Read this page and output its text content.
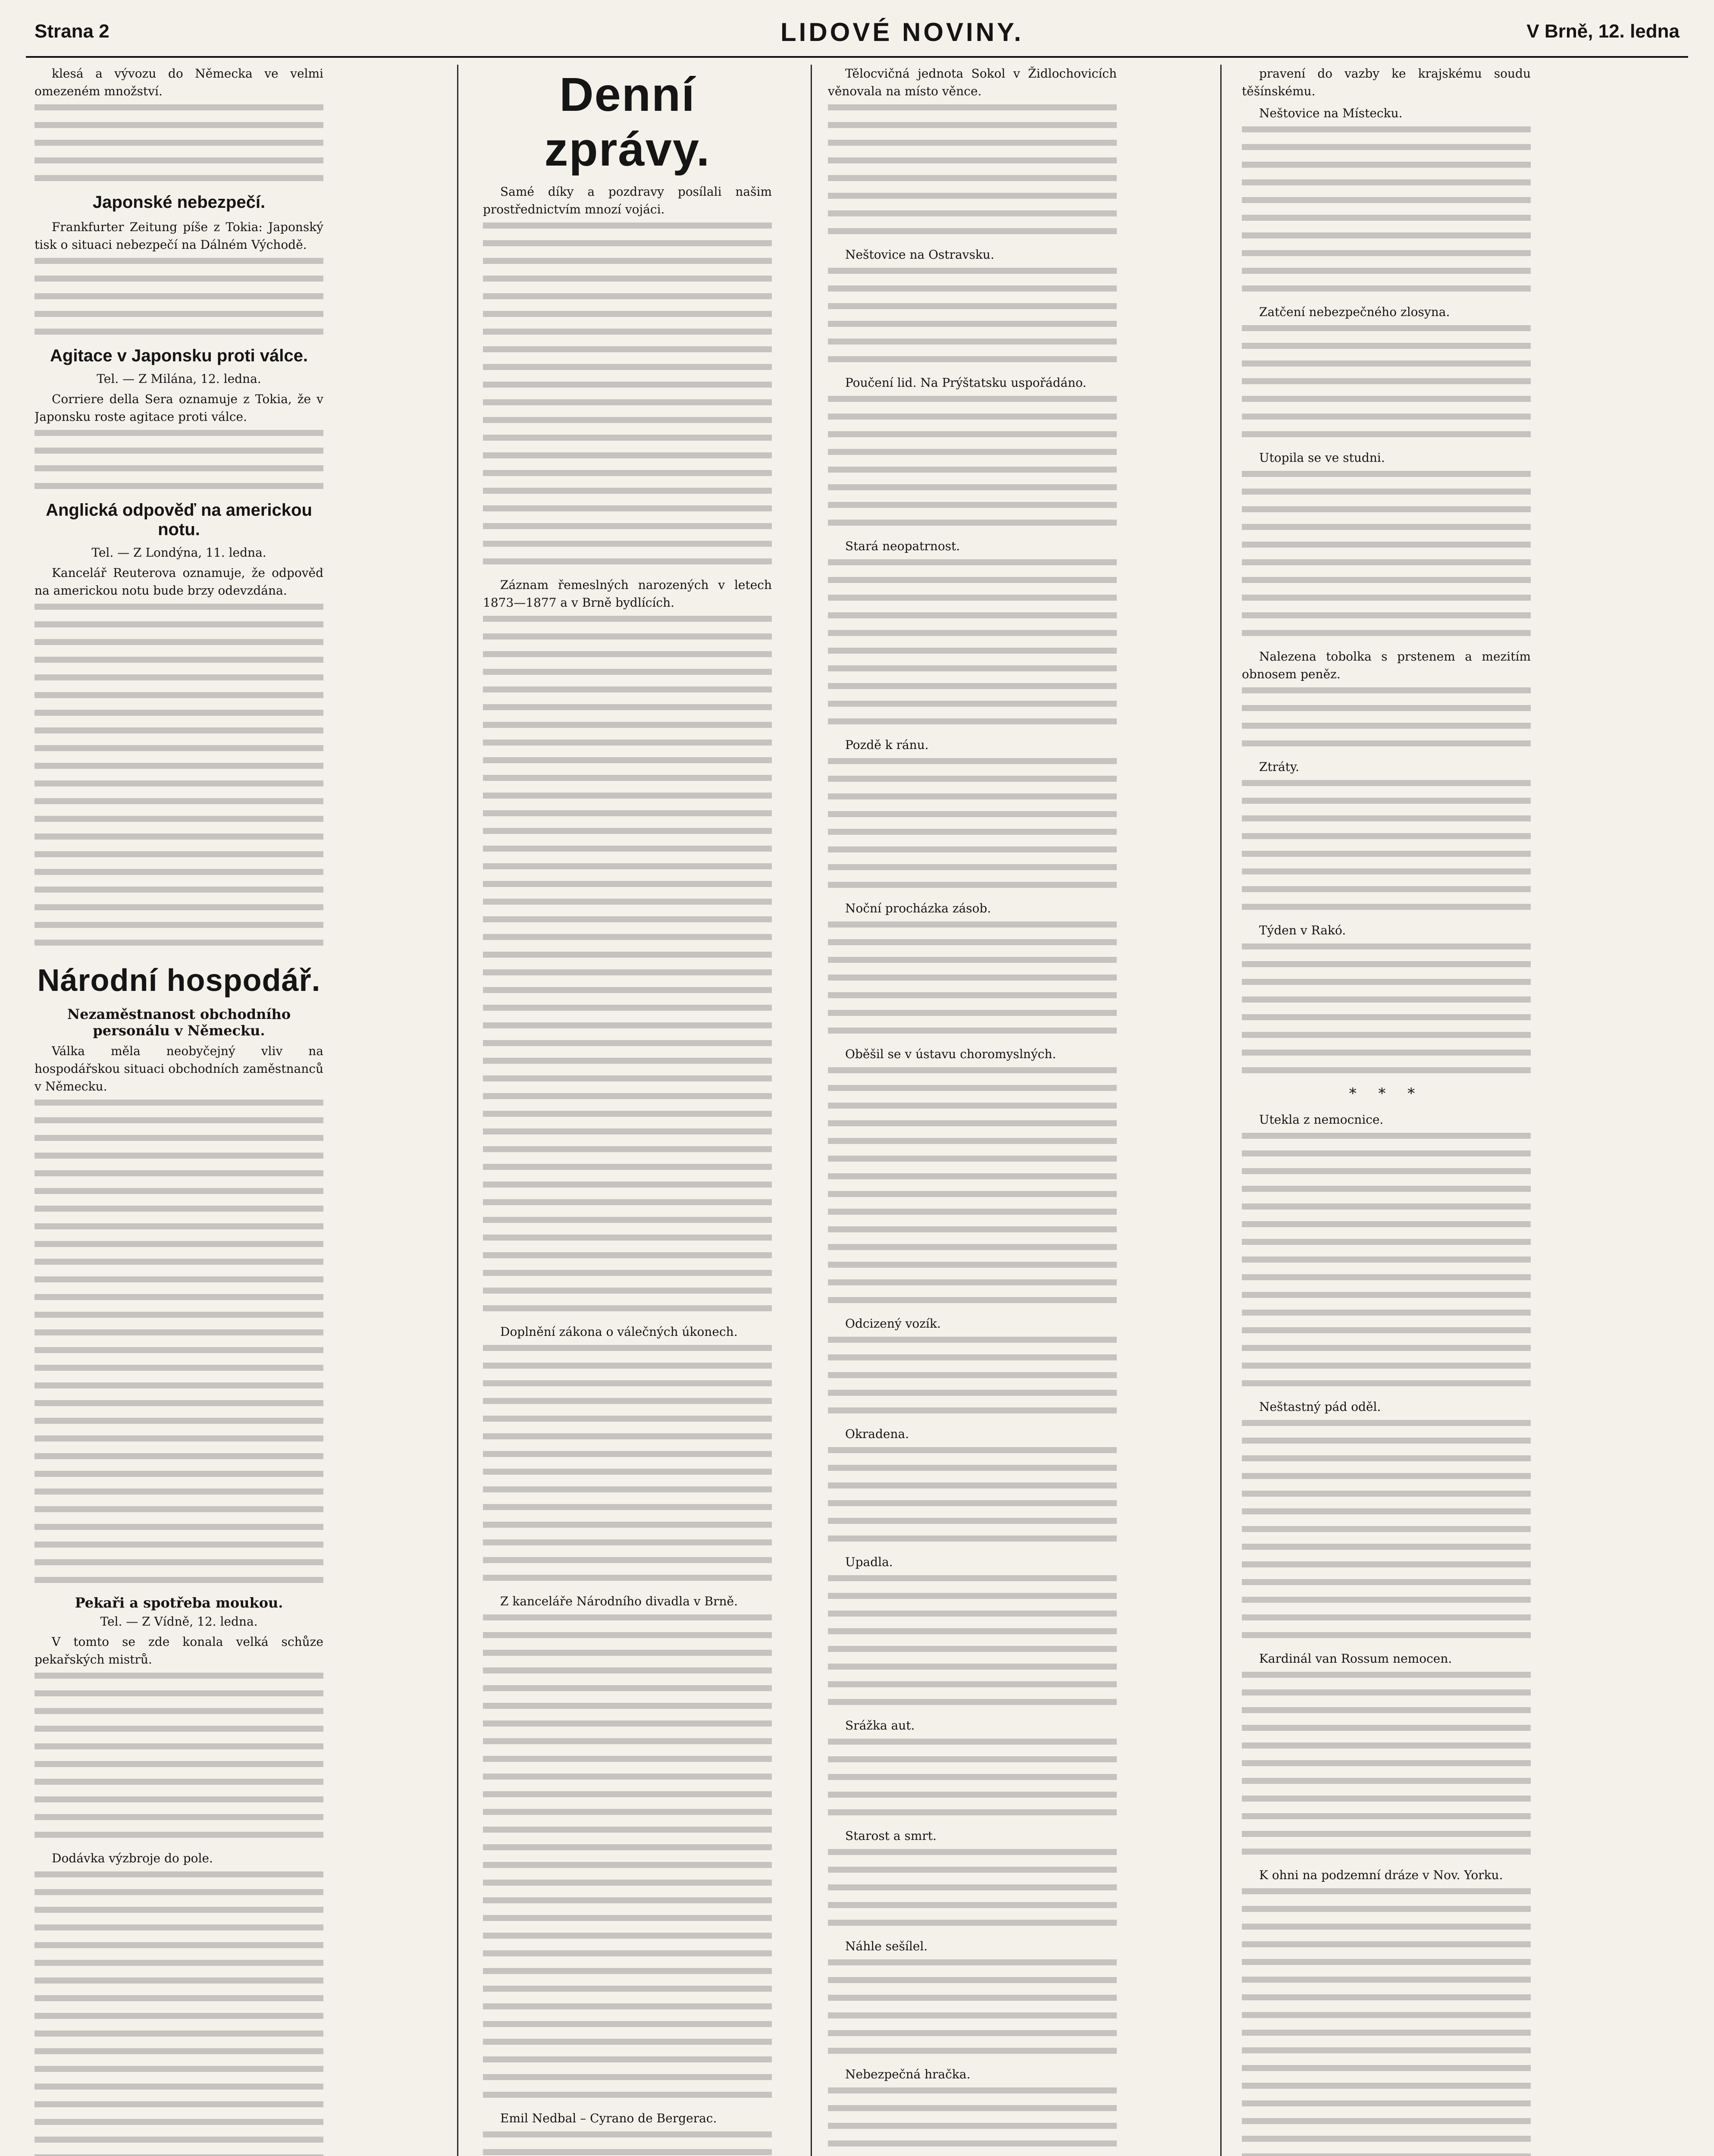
Strana 2	LIDOVÉ NOVINY.	V Brně, 12. ledna

klesá a vývozu do Německa ve velmi omezeném množství.

Japonské nebezpečí.

Frankfurter Zeitung píše z Tokia: Japonský tisk o situaci nebezpečí na Dálném Východě.

Agitace v Japonsku proti válce.
Tel. — Z Milána, 12. ledna.

Corriere della Sera oznamuje z Tokia, že v Japonsku roste agitace proti válce.

Anglická odpověď na americkou notu.
Tel. — Z Londýna, 11. ledna.

Kancelář Reuterova oznamuje, že odpověď na americkou notu bude brzy odevzdána.

Národní hospodář.
Nezaměstnanost obchodního personálu v Německu.

Válka měla neobyčejný vliv na hospodářskou situaci obchodních zaměstnanců v Německu.

Pekaři a spotřeba moukou.
Tel. — Z Vídně, 12. ledna.

V tomto se zde konala velká schůze pekařských mistrů.

Dodávka výzbroje do pole.

Denní zprávy.

Samé díky a pozdravy posílali našim prostřednictvím mnozí vojáci.

Záznam řemeslných narozených v letech 1873—1877 a v Brně bydlících.

Doplnění zákona o válečných úkonech.

Z kanceláře Národního divadla v Brně.

Emil Nedbal – Cyrano de Bergerac.

Tělocvičná jednota Sokol v Židlochovicích věnovala na místo věnce.

Neštovice na Ostravsku.

Poučení lid. Na Prýštatsku uspořádáno.

Stará neopatrnost.

Pozdě k ránu.

Noční procházka zásob.

Oběšil se v ústavu choromyslných.

Odcizený vozík.

Okradena.

Upadla.

Srážka aut.

Starost a smrt.

Náhle sešílel.

Nebezpečná hračka.

pravení do vazby ke krajskému soudu těšínskému.

Neštovice na Místecku.

Zatčení nebezpečného zlosyna.

Utopila se ve studni.

Nalezena tobolka s prstenem a mezitím obnosem peněz.

Ztráty.

Týden v Rakó.

* * *

Utekla z nemocnice.

Neštastný pád oděl.

Kardinál van Rossum nemocen.

K ohni na podzemní dráze v Nov. Yorku.
